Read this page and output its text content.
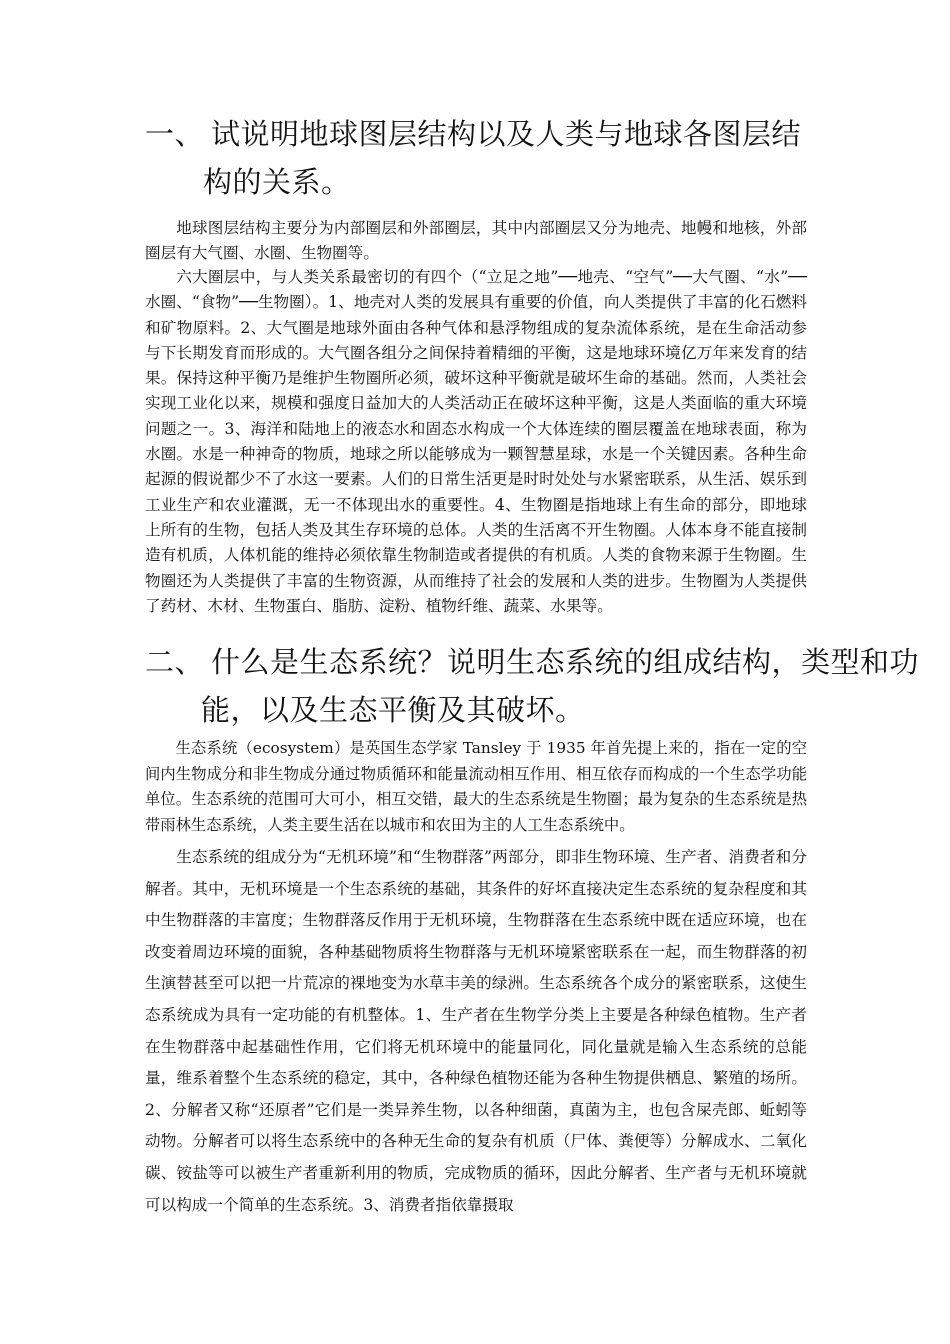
一、 试说明地球图层结构以及人类与地球各图层结
构的关系。

地球图层结构主要分为内部圈层和外部圈层，其中内部圈层又分为地壳、地幔和地核，外部圈层有大气圈、水圈、生物圈等。

六大圈层中，与人类关系最密切的有四个（“立足之地”──地壳、“空气”──大气圈、“水”──水圈、“食物”──生物圈）。1、地壳对人类的发展具有重要的价值，向人类提供了丰富的化石燃料和矿物原料。2、大气圈是地球外面由各种气体和悬浮物组成的复杂流体系统，是在生命活动参与下长期发育而形成的。大气圈各组分之间保持着精细的平衡，这是地球环境亿万年来发育的结果。保持这种平衡乃是维护生物圈所必须，破坏这种平衡就是破坏生命的基础。然而，人类社会实现工业化以来，规模和强度日益加大的人类活动正在破坏这种平衡，这是人类面临的重大环境问题之一。3、海洋和陆地上的液态水和固态水构成一个大体连续的圈层覆盖在地球表面，称为水圈。水是一种神奇的物质，地球之所以能够成为一颗智慧星球，水是一个关键因素。各种生命起源的假说都少不了水这一要素。人们的日常生活更是时时处处与水紧密联系，从生活、娱乐到工业生产和农业灌溉，无一不体现出水的重要性。4、生物圈是指地球上有生命的部分，即地球上所有的生物，包括人类及其生存环境的总体。人类的生活离不开生物圈。人体本身不能直接制造有机质，人体机能的维持必须依靠生物制造或者提供的有机质。人类的食物来源于生物圈。生物圈还为人类提供了丰富的生物资源，从而维持了社会的发展和人类的进步。生物圈为人类提供了药材、木材、生物蛋白、脂肪、淀粉、植物纤维、蔬菜、水果等。

二、 什么是生态系统？说明生态系统的组成结构，类型和功
能，以及生态平衡及其破坏。

生态系统（ecosystem）是英国生态学家 Tansley 于 1935 年首先提上来的，指在一定的空间内生物成分和非生物成分通过物质循环和能量流动相互作用、相互依存而构成的一个生态学功能单位。生态系统的范围可大可小，相互交错，最大的生态系统是生物圈；最为复杂的生态系统是热带雨林生态系统，人类主要生活在以城市和农田为主的人工生态系统中。

生态系统的组成分为“无机环境”和“生物群落”两部分，即非生物环境、生产者、消费者和分解者。其中，无机环境是一个生态系统的基础，其条件的好坏直接决定生态系统的复杂程度和其中生物群落的丰富度；生物群落反作用于无机环境，生物群落在生态系统中既在适应环境，也在改变着周边环境的面貌，各种基础物质将生物群落与无机环境紧密联系在一起，而生物群落的初生演替甚至可以把一片荒凉的裸地变为水草丰美的绿洲。生态系统各个成分的紧密联系，这使生态系统成为具有一定功能的有机整体。1、生产者在生物学分类上主要是各种绿色植物。生产者在生物群落中起基础性作用，它们将无机环境中的能量同化，同化量就是输入生态系统的总能量，维系着整个生态系统的稳定，其中，各种绿色植物还能为各种生物提供栖息、繁殖的场所。2、分解者又称“还原者”它们是一类异养生物，以各种细菌，真菌为主，也包含屎壳郎、蚯蚓等动物。分解者可以将生态系统中的各种无生命的复杂有机质（尸体、粪便等）分解成水、二氧化碳、铵盐等可以被生产者重新利用的物质，完成物质的循环，因此分解者、生产者与无机环境就可以构成一个简单的生态系统。3、消费者指依靠摄取
